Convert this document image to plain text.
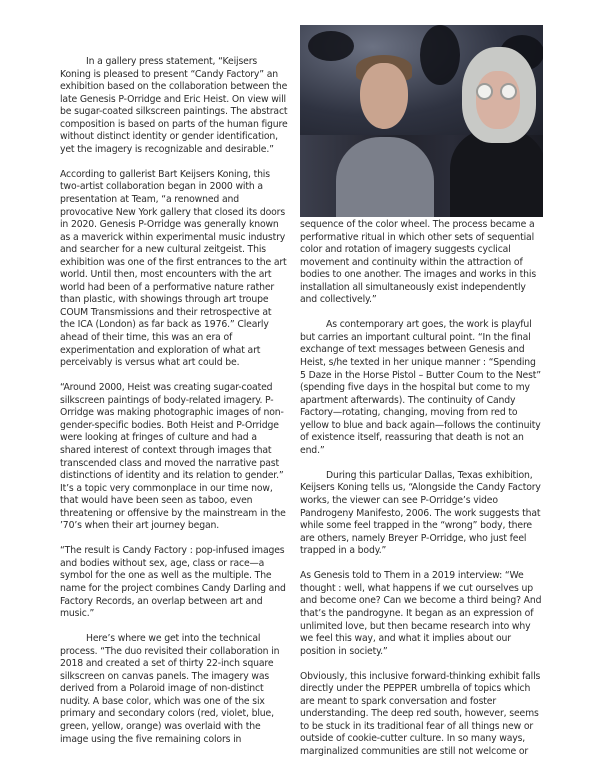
In a gallery press statement, “Keijsers Koning is pleased to present “Candy Factory” an exhibition based on the collaboration between the late Genesis P-Orridge and Eric Heist. On view will be sugar-coated silkscreen paintings. The abstract composition is based on parts of the human figure without distinct identity or gender identification, yet the imagery is recognizable and desirable.”

According to gallerist Bart Keijsers Koning, this two-artist collaboration began in 2000 with a presentation at Team, “a renowned and provocative New York gallery that closed its doors in 2020. Genesis P-Orridge was generally known as a maverick within experimental music industry and searcher for a new cultural zeitgeist. This exhibition was one of the first entrances to the art world. Until then, most encounters with the art world had been of a performative nature rather than plastic, with showings through art troupe COUM Transmissions and their retrospective at the ICA (London) as far back as 1976.” Clearly ahead of their time, this was an era of experimentation and exploration of what art perceivably is versus what art could be.

“Around 2000, Heist was creating sugar-coated silkscreen paintings of body-related imagery. P-Orridge was making photographic images of non-gender-specific bodies. Both Heist and P-Orridge were looking at fringes of culture and had a shared interest of context through images that transcended class and moved the narrative past distinctions of identity and its relation to gender.” It’s a topic very commonplace in our time now, that would have been seen as taboo, even threatening or offensive by the mainstream in the ’70’s when their art journey began.

“The result is Candy Factory : pop-infused images and bodies without sex, age, class or race—a symbol for the one as well as the multiple. The name for the project combines Candy Darling and Factory Records, an overlap between art and music.”

Here’s where we get into the technical process. “The duo revisited their collaboration in 2018 and created a set of thirty 22-inch square silkscreen on canvas panels. The imagery was derived from a Polaroid image of non-distinct nudity. A base color, which was one of the six primary and secondary colors (red, violet, blue, green, yellow, orange) was overlaid with the image using the five remaining colors in

sequence of the color wheel. The process became a performative ritual in which other sets of sequential color and rotation of imagery suggests cyclical movement and continuity within the attraction of bodies to one another. The images and works in this installation all simultaneously exist independently and collectively.”

As contemporary art goes, the work is playful but carries an important cultural point. “In the final exchange of text messages between Genesis and Heist, s/he texted in her unique manner : “Spending 5 Daze in the Horse Pistol – Butter Coum to the Nest” (spending five days in the hospital but come to my apartment afterwards). The continuity of Candy Factory—rotating, changing, moving from red to yellow to blue and back again—follows the continuity of existence itself, reassuring that death is not an end.”

During this particular Dallas, Texas exhibition, Keijsers Koning tells us, “Alongside the Candy Factory works, the viewer can see P-Orridge’s video Pandrogeny Manifesto, 2006. The work suggests that while some feel trapped in the “wrong” body, there are others, namely Breyer P-Orridge, who just feel trapped in a body.”

As Genesis told to Them in a 2019 interview: “We thought : well, what happens if we cut ourselves up and become one? Can we become a third being? And that’s the pandrogyne. It began as an expression of unlimited love, but then became research into why we feel this way, and what it implies about our position in society.”

Obviously, this inclusive forward-thinking exhibit falls directly under the PEPPER umbrella of topics which are meant to spark conversation and foster understanding. The deep red south, however, seems to be stuck in its traditional fear of all things new or outside of cookie-cutter culture. In so many ways, marginalized communities are still not welcome or
